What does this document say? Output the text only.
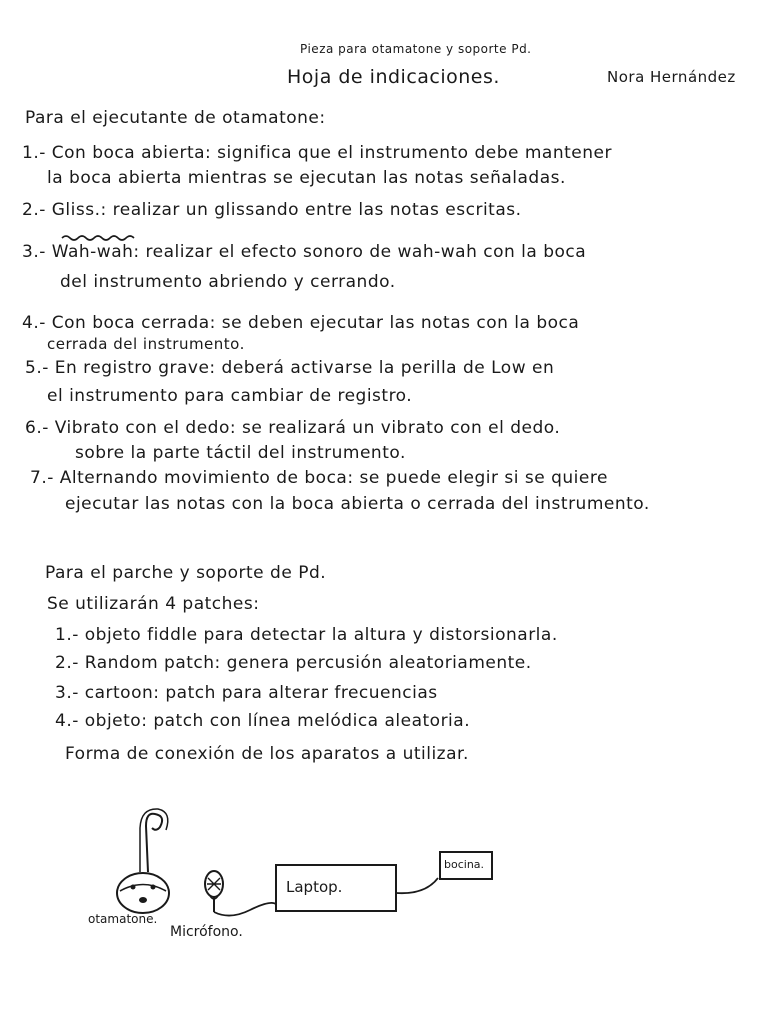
Pieza para otamatone y soporte Pd.
Hoja de indicaciones.	Nora Hernández
Para el ejecutante de otamatone:
1.- Con boca abierta: significa que el instrumento debe mantener
la boca abierta mientras se ejecutan las notas señaladas.
2.- Gliss.: realizar un glissando entre las notas escritas.
3.- Wah-wah: realizar el efecto sonoro de wah-wah con la boca
del instrumento abriendo y cerrando.
4.- Con boca cerrada: se deben ejecutar las notas con la boca
cerrada del instrumento.
5.- En registro grave: deberá activarse la perilla de Low en
el instrumento para cambiar de registro.
6.- Vibrato con el dedo: se realizará un vibrato con el dedo.
sobre la parte táctil del instrumento.
7.- Alternando movimiento de boca: se puede elegir si se quiere
ejecutar las notas con la boca abierta o cerrada del instrumento.
Para el parche y soporte de Pd.
Se utilizarán 4 patches:
1.- objeto fiddle para detectar la altura y distorsionarla.
2.- Random patch: genera percusión aleatoriamente.
3.- cartoon: patch para alterar frecuencias
4.- objeto: patch con línea melódica aleatoria.
Forma de conexión de los aparatos a utilizar.
Laptop.
bocina.
otamatone.
Micrófono.
